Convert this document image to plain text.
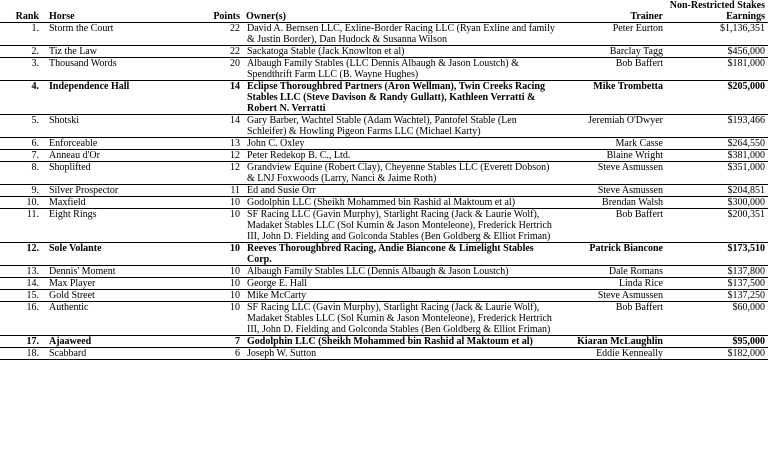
Rank	Horse	Points	Owner(s)	Trainer	Non-Restricted Stakes Earnings
1.	Storm the Court	22	David A. Bernsen LLC, Exline-Border Racing LLC (Ryan Exline and family & Justin Border), Dan Hudock & Susanna Wilson	Peter Eurton	$1,136,351
2.	Tiz the Law	22	Sackatoga Stable (Jack Knowlton et al)	Barclay Tagg	$456,000
3.	Thousand Words	20	Albaugh Family Stables (LLC Dennis Albaugh & Jason Loustch) & Spendthrift Farm LLC (B. Wayne Hughes)	Bob Baffert	$181,000
4.	Independence Hall	14	Eclipse Thoroughbred Partners (Aron Wellman), Twin Creeks Racing Stables LLC (Steve Davison & Randy Gullatt), Kathleen Verratti & Robert N. Verratti	Mike Trombetta	$205,000
5.	Shotski	14	Gary Barber, Wachtel Stable (Adam Wachtel), Pantofel Stable (Len Schleifer) & Howling Pigeon Farms LLC (Michael Karty)	Jeremiah O'Dwyer	$193,466
6.	Enforceable	13	John C. Oxley	Mark Casse	$264,550
7.	Anneau d'Or	12	Peter Redekop B. C., Ltd.	Blaine Wright	$381,000
8.	Shoplifted	12	Grandview Equine (Robert Clay), Cheyenne Stables LLC (Everett Dobson) & LNJ Foxwoods (Larry, Nanci & Jaime Roth)	Steve Asmussen	$351,000
9.	Silver Prospector	11	Ed and Susie Orr	Steve Asmussen	$204,851
10.	Maxfield	10	Godolphin LLC (Sheikh Mohammed bin Rashid al Maktoum et al)	Brendan Walsh	$300,000
11.	Eight Rings	10	SF Racing LLC (Gavin Murphy), Starlight Racing (Jack & Laurie Wolf), Madaket Stables LLC (Sol Kumin & Jason Monteleone), Frederick Hertrich III, John D. Fielding and Golconda Stables (Ben Goldberg & Elliot Friman)	Bob Baffert	$200,351
12.	Sole Volante	10	Reeves Thoroughbred Racing, Andie Biancone & Limelight Stables Corp.	Patrick Biancone	$173,510
13.	Dennis' Moment	10	Albaugh Family Stables LLC (Dennis Albaugh & Jason Loustch)	Dale Romans	$137,800
14.	Max Player	10	George E. Hall	Linda Rice	$137,500
15.	Gold Street	10	Mike McCarty	Steve Asmussen	$137,250
16.	Authentic	10	SF Racing LLC (Gavin Murphy), Starlight Racing (Jack & Laurie Wolf), Madaket Stables LLC (Sol Kumin & Jason Monteleone), Frederick Hertrich III, John D. Fielding and Golconda Stables (Ben Goldberg & Elliot Friman)	Bob Baffert	$60,000
17.	Ajaaweed	7	Godolphin LLC (Sheikh Mohammed bin Rashid al Maktoum et al)	Kiaran McLaughlin	$95,000
18.	Scabbard	6	Joseph W. Sutton	Eddie Kenneally	$182,000
